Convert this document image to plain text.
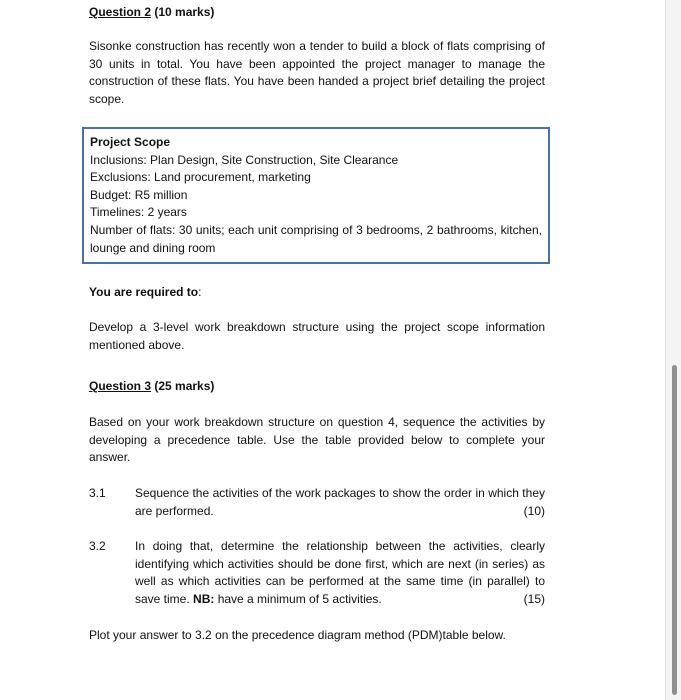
Question 2 (10 marks)

Sisonke construction has recently won a tender to build a block of flats comprising of 30 units in total. You have been appointed the project manager to manage the construction of these flats. You have been handed a project brief detailing the project scope.

Project Scope

Inclusions: Plan Design, Site Construction, Site Clearance

Exclusions: Land procurement, marketing

Budget: R5 million

Timelines: 2 years

Number of flats: 30 units; each unit comprising of 3 bedrooms, 2 bathrooms, kitchen, lounge and dining room

You are required to:

Develop a 3-level work breakdown structure using the project scope information mentioned above.

Question 3 (25 marks)

Based on your work breakdown structure on question 4, sequence the activities by developing a precedence table. Use the table provided below to complete your answer.

3.1 Sequence the activities of the work packages to show the order in which they are performed.	(10)
3.2 In doing that, determine the relationship between the activities, clearly identifying which activities should be done first, which are next (in series) as well as which activities can be performed at the same time (in parallel) to save time. NB: have a minimum of 5 activities.	(15)

Plot your answer to 3.2 on the precedence diagram method (PDM)table below.
